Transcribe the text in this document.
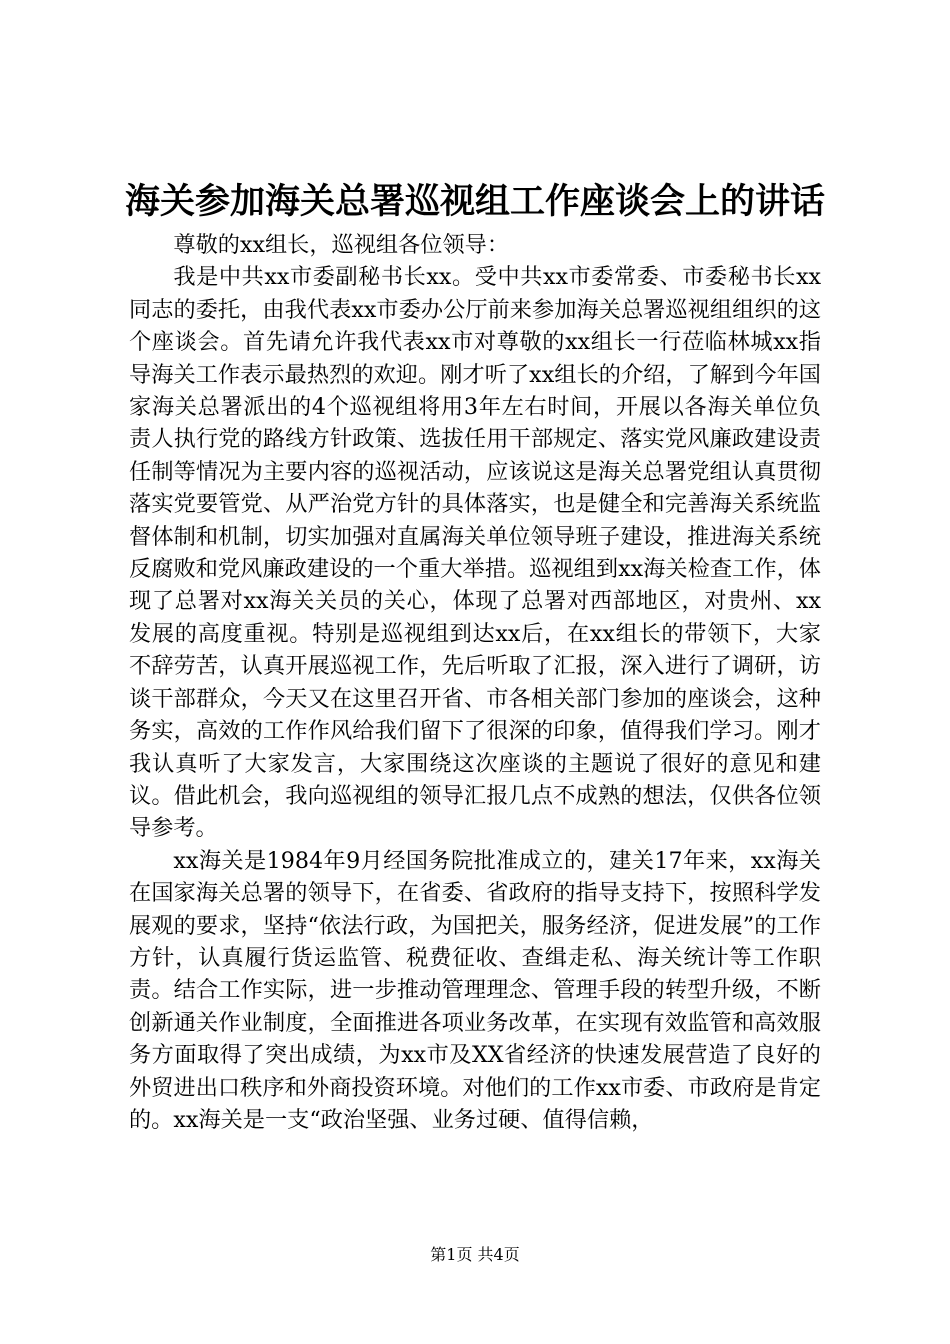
海关参加海关总署巡视组工作座谈会上的讲话

尊敬的xx组长，巡视组各位领导：

我是中共xx市委副秘书长xx。受中共xx市委常委、市委秘书长xx同志的委托，由我代表xx市委办公厅前来参加海关总署巡视组组织的这个座谈会。首先请允许我代表xx市对尊敬的xx组长一行莅临林城xx指导海关工作表示最热烈的欢迎。刚才听了xx组长的介绍，了解到今年国家海关总署派出的4个巡视组将用3年左右时间，开展以各海关单位负责人执行党的路线方针政策、选拔任用干部规定、落实党风廉政建设责任制等情况为主要内容的巡视活动，应该说这是海关总署党组认真贯彻落实党要管党、从严治党方针的具体落实，也是健全和完善海关系统监督体制和机制，切实加强对直属海关单位领导班子建设，推进海关系统反腐败和党风廉政建设的一个重大举措。巡视组到xx海关检查工作，体现了总署对xx海关关员的关心，体现了总署对西部地区，对贵州、xx发展的高度重视。特别是巡视组到达xx后，在xx组长的带领下，大家不辞劳苦，认真开展巡视工作，先后听取了汇报，深入进行了调研，访谈干部群众，今天又在这里召开省、市各相关部门参加的座谈会，这种务实，高效的工作作风给我们留下了很深的印象，值得我们学习。刚才我认真听了大家发言，大家围绕这次座谈的主题说了很好的意见和建议。借此机会，我向巡视组的领导汇报几点不成熟的想法，仅供各位领导参考。

xx海关是1984年9月经国务院批准成立的，建关17年来，xx海关在国家海关总署的领导下，在省委、省政府的指导支持下，按照科学发展观的要求，坚持“依法行政，为国把关，服务经济，促进发展”的工作方针，认真履行货运监管、税费征收、查缉走私、海关统计等工作职责。结合工作实际，进一步推动管理理念、管理手段的转型升级，不断创新通关作业制度，全面推进各项业务改革，在实现有效监管和高效服务方面取得了突出成绩，为xx市及XX省经济的快速发展营造了良好的外贸进出口秩序和外商投资环境。对他们的工作xx市委、市政府是肯定的。xx海关是一支“政治坚强、业务过硬、值得信赖，

第1页 共4页
